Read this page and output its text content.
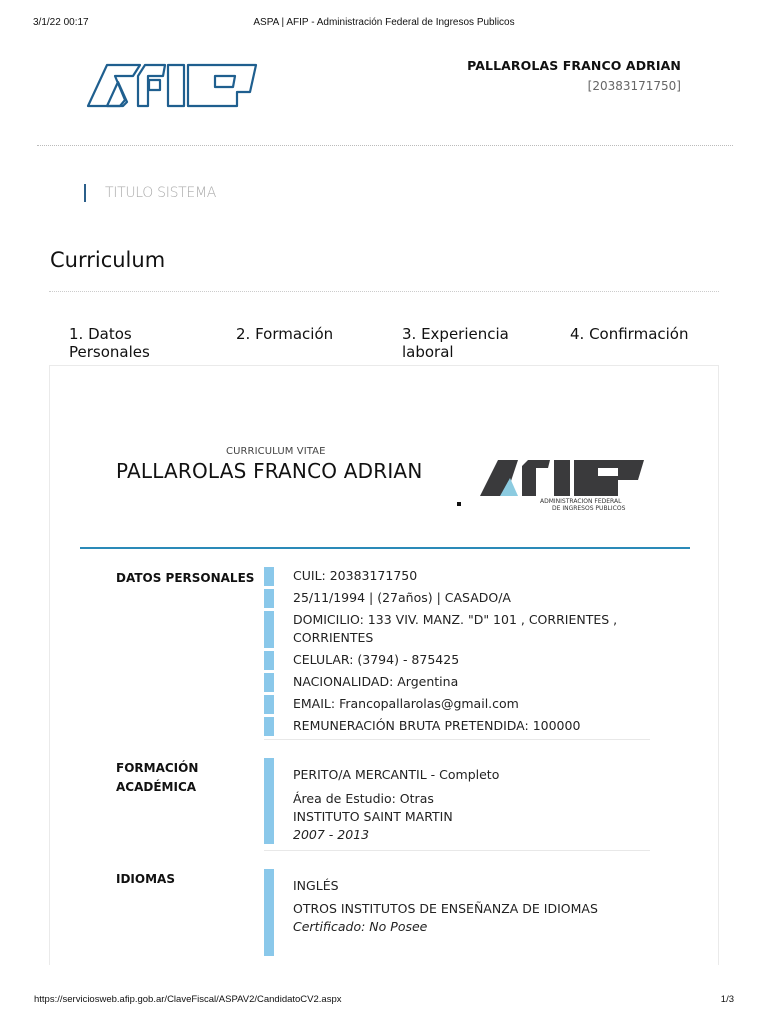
3/1/22 00:17	ASPA | AFIP - Administración Federal de Ingresos Publicos
PALLAROLAS FRANCO ADRIAN
[20383171750]
TITULO SISTEMA
Curriculum
1. Datos Personales
2. Formación	3. Experiencia laboral
4. Confirmación
CURRICULUM VITAE
PALLAROLAS FRANCO ADRIAN
ADMINISTRACION FEDERAL
DE INGRESOS PUBLICOS
DATOS PERSONALES	CUIL: 20383171750
25/11/1994 | (27años) | CASADO/A
DOMICILIO: 133 VIV. MANZ. "D" 101 , CORRIENTES , CORRIENTES
CELULAR: (3794) - 875425
NACIONALIDAD: Argentina
EMAIL: Francopallarolas@gmail.com
REMUNERACIÓN BRUTA PRETENDIDA: 100000
FORMACIÓN ACADÉMICA
PERITO/A MERCANTIL - Completo
Área de Estudio: Otras
INSTITUTO SAINT MARTIN
2007 - 2013
IDIOMAS	INGLÉS
OTROS INSTITUTOS DE ENSEÑANZA DE IDIOMAS
Certificado: No Posee
https://serviciosweb.afip.gob.ar/ClaveFiscal/ASPAV2/CandidatoCV2.aspx	1/3
